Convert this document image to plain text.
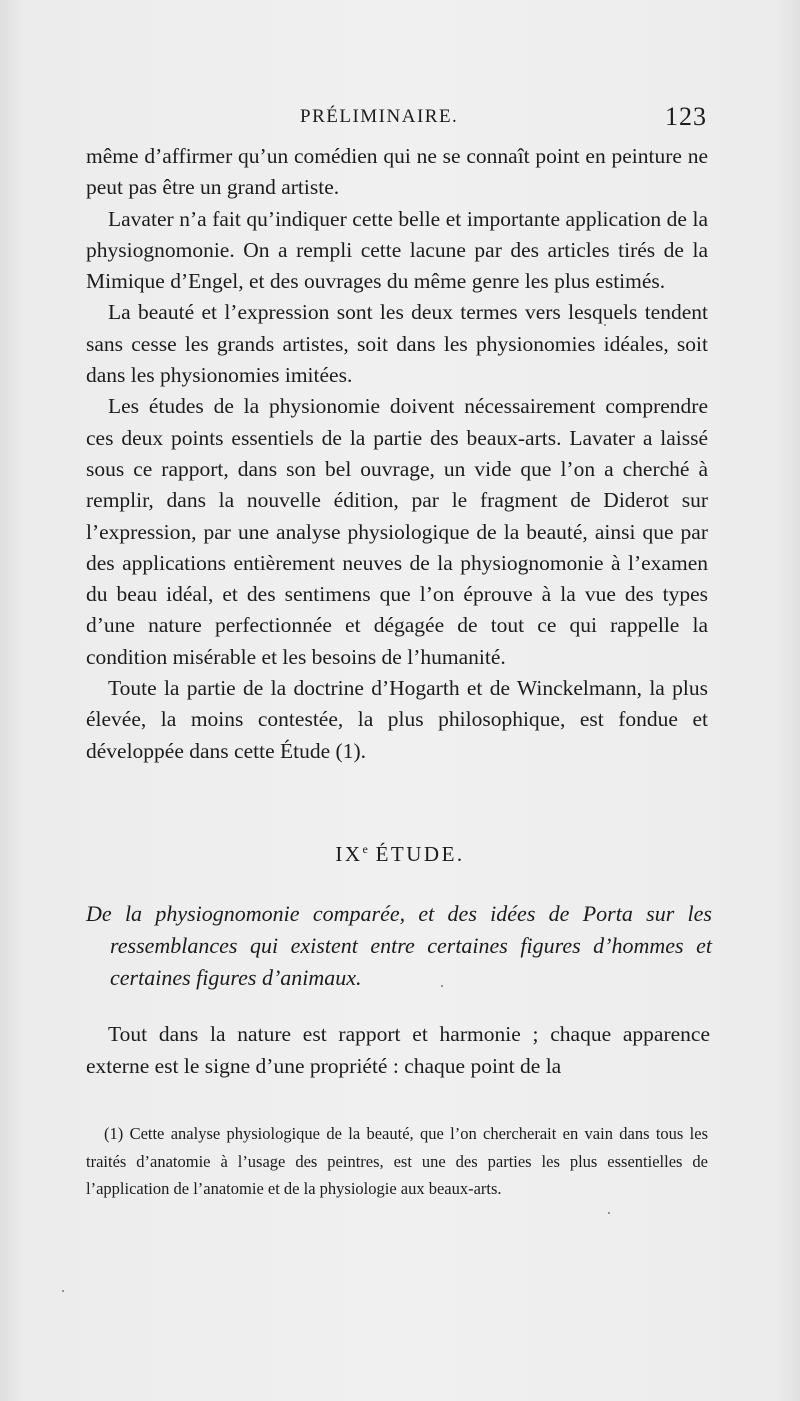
PRÉLIMINAIRE.	123

même d’affirmer qu’un comédien qui ne se connaît point en peinture ne peut pas être un grand artiste.

Lavater n’a fait qu’indiquer cette belle et importante application de la physiognomonie. On a rempli cette lacune par des articles tirés de la Mimique d’Engel, et des ouvrages du même genre les plus estimés.

La beauté et l’expression sont les deux termes vers lesquels tendent sans cesse les grands artistes, soit dans les physionomies idéales, soit dans les physionomies imitées.

Les études de la physionomie doivent nécessairement comprendre ces deux points essentiels de la partie des beaux-arts. Lavater a laissé sous ce rapport, dans son bel ouvrage, un vide que l’on a cherché à remplir, dans la nouvelle édition, par le fragment de Diderot sur l’expression, par une analyse physiologique de la beauté, ainsi que par des applications entièrement neuves de la physiognomonie à l’examen du beau idéal, et des sentimens que l’on éprouve à la vue des types d’une nature perfectionnée et dégagée de tout ce qui rappelle la condition misérable et les besoins de l’humanité.

Toute la partie de la doctrine d’Hogarth et de Winckelmann, la plus élevée, la moins contestée, la plus philosophique, est fondue et développée dans cette Étude (1).

IXe ÉTUDE.
De la physiognomonie comparée, et des idées de Porta sur les ressemblances qui existent entre certaines figures d’hommes et certaines figures d’animaux.

Tout dans la nature est rapport et harmonie ; chaque apparence externe est le signe d’une propriété : chaque point de la

(1) Cette analyse physiologique de la beauté, que l’on chercherait en vain dans tous les traités d’anatomie à l’usage des peintres, est une des parties les plus essentielles de l’application de l’anatomie et de la physiologie aux beaux-arts.
